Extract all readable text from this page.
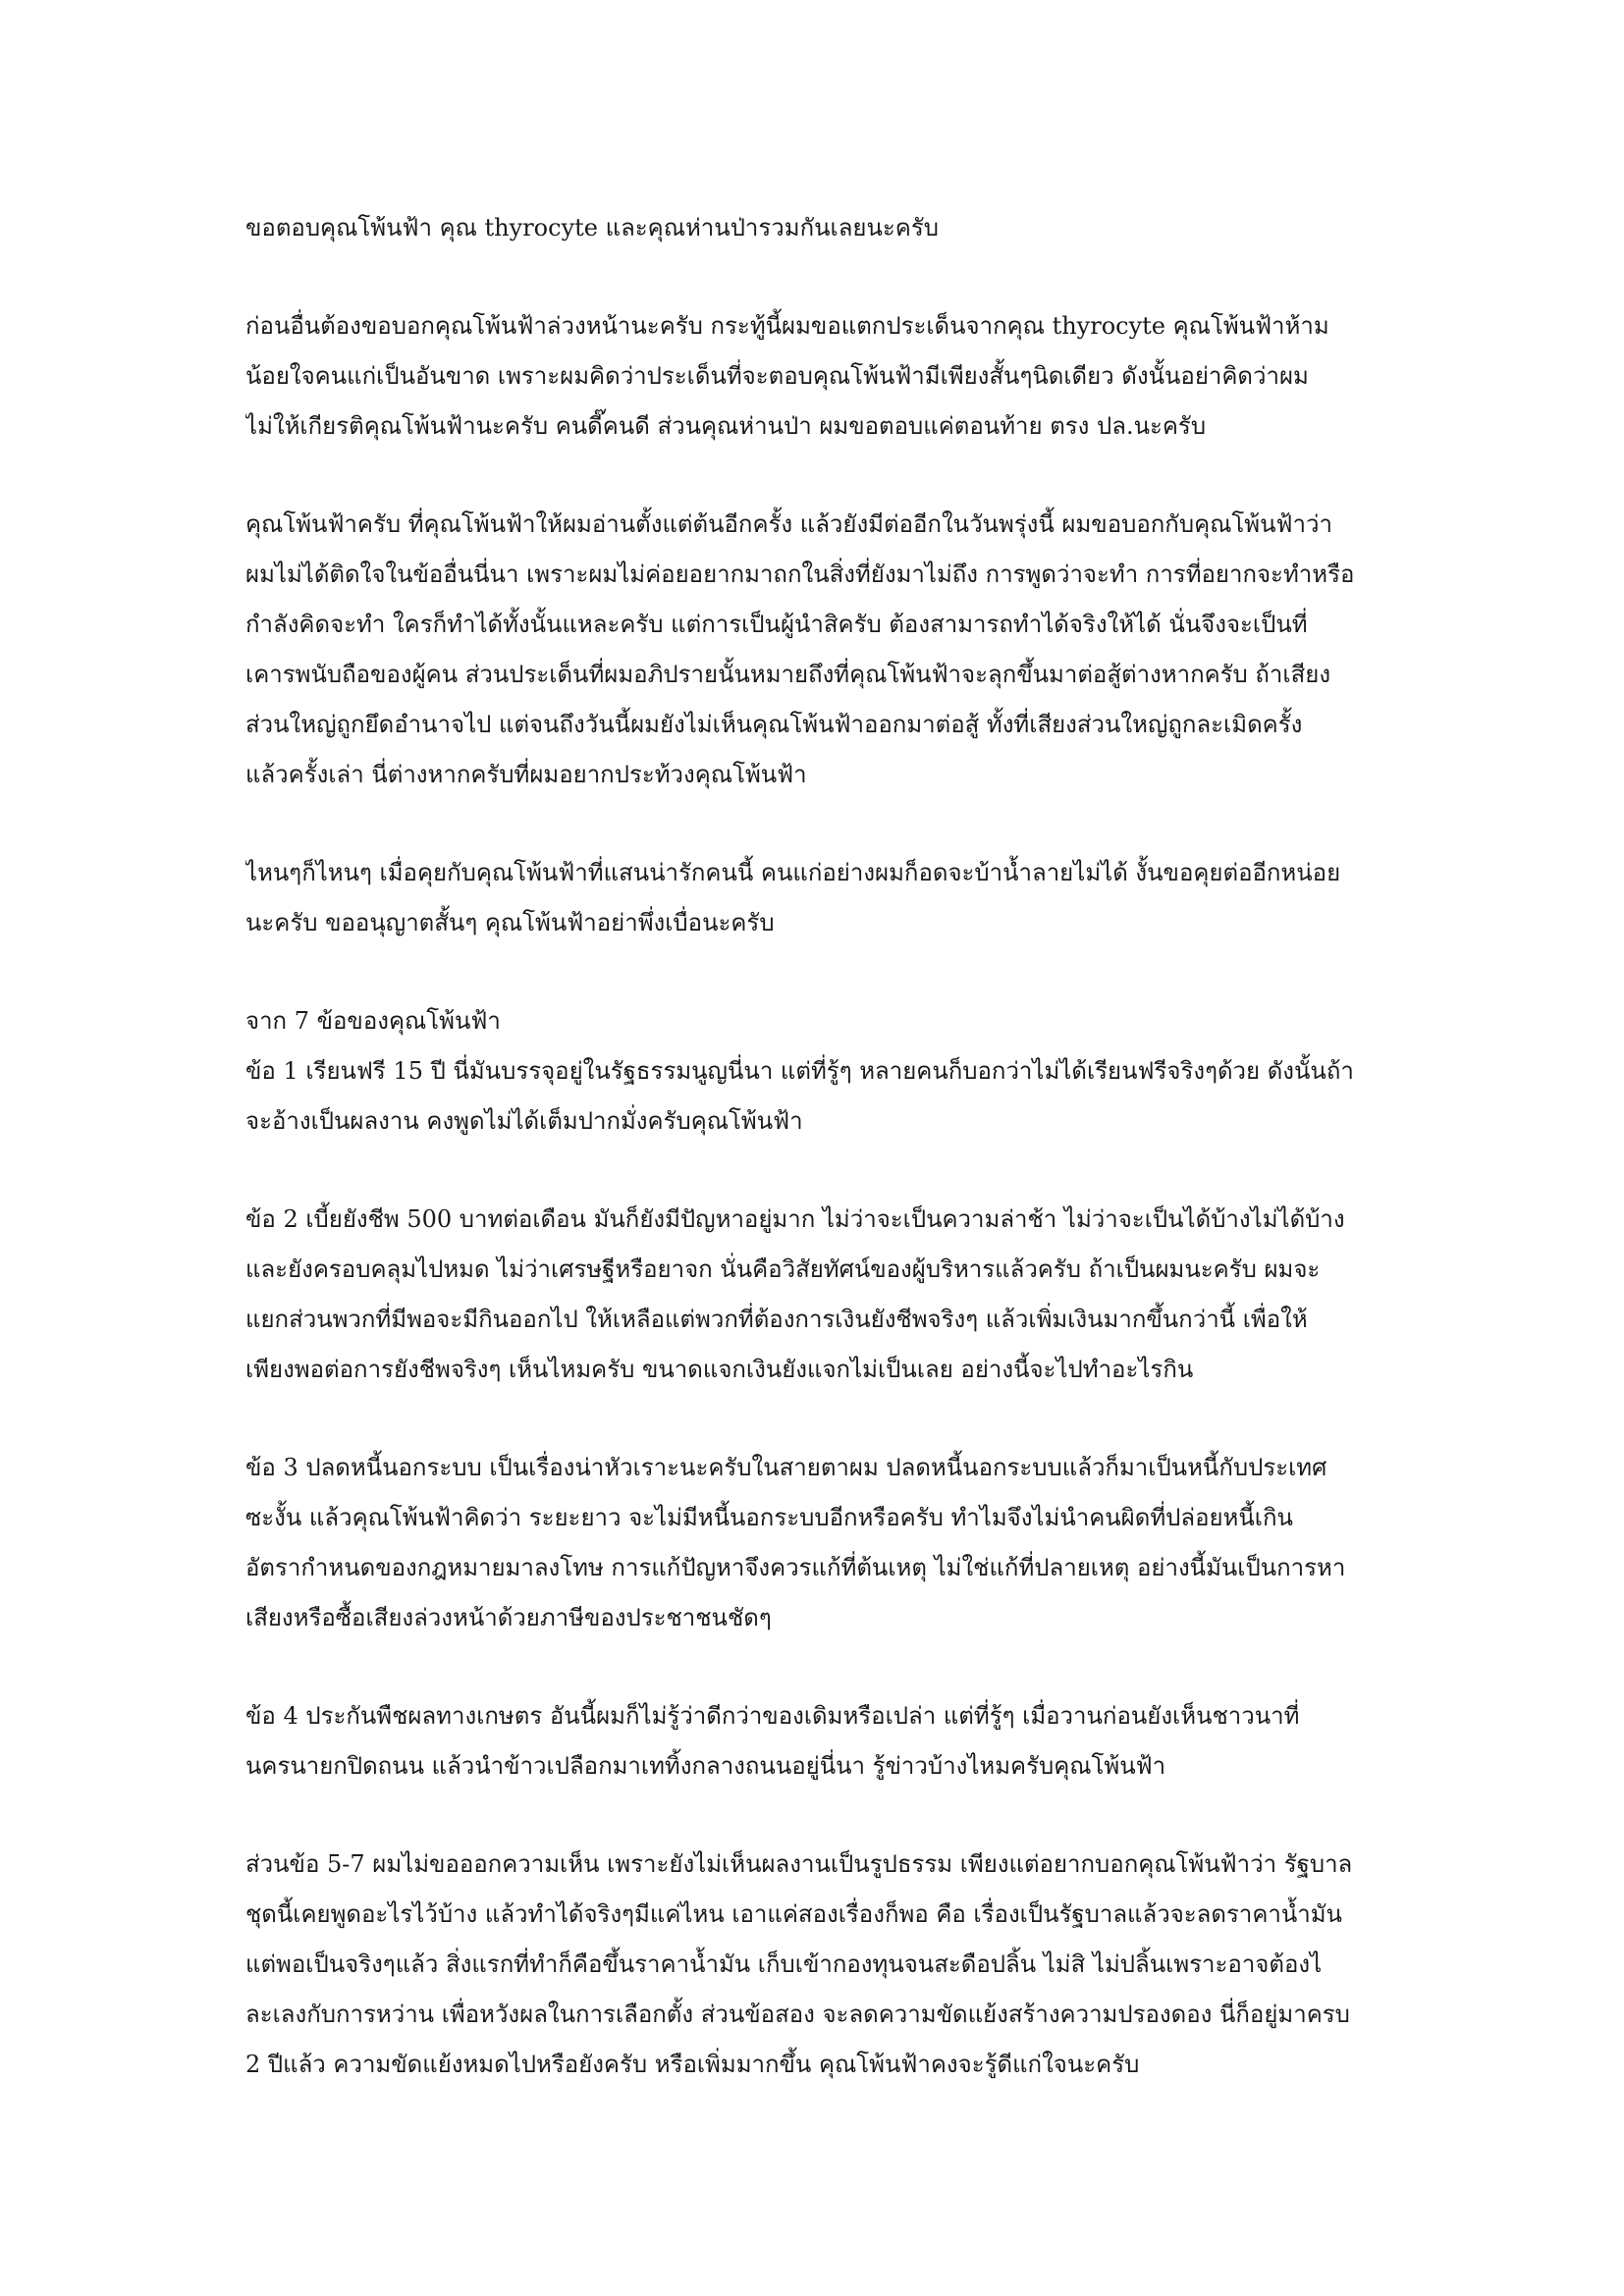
ขอตอบคุณโพ้นฟ้า คุณ thyrocyte และคุณห่านป่ารวมกันเลยนะครับ
ก่อนอื่นต้องขอบอกคุณโพ้นฟ้าล่วงหน้านะครับ กระทู้นี้ผมขอแตกประเด็นจากคุณ thyrocyte คุณโพ้นฟ้าห้าม
น้อยใจคนแก่เป็นอันขาด เพราะผมคิดว่าประเด็นที่จะตอบคุณโพ้นฟ้ามีเพียงสั้นๆนิดเดียว ดังนั้นอย่าคิดว่าผม
ไม่ให้เกียรติคุณโพ้นฟ้านะครับ คนดี๊คนดี ส่วนคุณห่านป่า ผมขอตอบแค่ตอนท้าย ตรง ปล.นะครับ
คุณโพ้นฟ้าครับ ที่คุณโพ้นฟ้าให้ผมอ่านตั้งแต่ต้นอีกครั้ง แล้วยังมีต่ออีกในวันพรุ่งนี้ ผมขอบอกกับคุณโพ้นฟ้าว่า
ผมไม่ได้ติดใจในข้ออื่นนี่นา เพราะผมไม่ค่อยอยากมาถกในสิ่งที่ยังมาไม่ถึง การพูดว่าจะทำ การที่อยากจะทำหรือ
กำลังคิดจะทำ ใครก็ทำได้ทั้งนั้นแหละครับ แต่การเป็นผู้นำสิครับ ต้องสามารถทำได้จริงให้ได้ นั่นจึงจะเป็นที่
เคารพนับถือของผู้คน ส่วนประเด็นที่ผมอภิปรายนั้นหมายถึงที่คุณโพ้นฟ้าจะลุกขึ้นมาต่อสู้ต่างหากครับ ถ้าเสียง
ส่วนใหญ่ถูกยึดอำนาจไป แต่จนถึงวันนี้ผมยังไม่เห็นคุณโพ้นฟ้าออกมาต่อสู้ ทั้งที่เสียงส่วนใหญ่ถูกละเมิดครั้ง
แล้วครั้งเล่า นี่ต่างหากครับที่ผมอยากประท้วงคุณโพ้นฟ้า
ไหนๆก็ไหนๆ เมื่อคุยกับคุณโพ้นฟ้าที่แสนน่ารักคนนี้ คนแก่อย่างผมก็อดจะบ้าน้ำลายไม่ได้ งั้นขอคุยต่ออีกหน่อย
นะครับ ขออนุญาตสั้นๆ คุณโพ้นฟ้าอย่าพึ่งเบื่อนะครับ
จาก 7 ข้อของคุณโพ้นฟ้า
ข้อ 1 เรียนฟรี 15 ปี นี่มันบรรจุอยู่ในรัฐธรรมนูญนี่นา แต่ที่รู้ๆ หลายคนก็บอกว่าไม่ได้เรียนฟรีจริงๆด้วย ดังนั้นถ้า
จะอ้างเป็นผลงาน คงพูดไม่ได้เต็มปากมั่งครับคุณโพ้นฟ้า
ข้อ 2 เบี้ยยังชีพ 500 บาทต่อเดือน มันก็ยังมีปัญหาอยู่มาก ไม่ว่าจะเป็นความล่าช้า ไม่ว่าจะเป็นได้บ้างไม่ได้บ้าง
และยังครอบคลุมไปหมด ไม่ว่าเศรษฐีหรือยาจก นั่นคือวิสัยทัศน์ของผู้บริหารแล้วครับ ถ้าเป็นผมนะครับ ผมจะ
แยกส่วนพวกที่มีพอจะมีกินออกไป ให้เหลือแต่พวกที่ต้องการเงินยังชีพจริงๆ แล้วเพิ่มเงินมากขึ้นกว่านี้ เพื่อให้
เพียงพอต่อการยังชีพจริงๆ เห็นไหมครับ ขนาดแจกเงินยังแจกไม่เป็นเลย อย่างนี้จะไปทำอะไรกิน
ข้อ 3 ปลดหนี้นอกระบบ เป็นเรื่องน่าหัวเราะนะครับในสายตาผม ปลดหนี้นอกระบบแล้วก็มาเป็นหนี้กับประเทศ
ซะงั้น แล้วคุณโพ้นฟ้าคิดว่า ระยะยาว จะไม่มีหนี้นอกระบบอีกหรือครับ ทำไมจึงไม่นำคนผิดที่ปล่อยหนี้เกิน
อัตรากำหนดของกฎหมายมาลงโทษ การแก้ปัญหาจึงควรแก้ที่ต้นเหตุ ไม่ใช่แก้ที่ปลายเหตุ อย่างนี้มันเป็นการหา
เสียงหรือซื้อเสียงล่วงหน้าด้วยภาษีของประชาชนชัดๆ
ข้อ 4 ประกันพืชผลทางเกษตร อันนี้ผมก็ไม่รู้ว่าดีกว่าของเดิมหรือเปล่า แต่ที่รู้ๆ เมื่อวานก่อนยังเห็นชาวนาที่
นครนายกปิดถนน แล้วนำข้าวเปลือกมาเททิ้งกลางถนนอยู่นี่นา รู้ข่าวบ้างไหมครับคุณโพ้นฟ้า
ส่วนข้อ 5-7 ผมไม่ขอออกความเห็น เพราะยังไม่เห็นผลงานเป็นรูปธรรม เพียงแต่อยากบอกคุณโพ้นฟ้าว่า รัฐบาล
ชุดนี้เคยพูดอะไรไว้บ้าง แล้วทำได้จริงๆมีแค่ไหน เอาแค่สองเรื่องก็พอ คือ เรื่องเป็นรัฐบาลแล้วจะลดราคาน้ำมัน
แต่พอเป็นจริงๆแล้ว สิ่งแรกที่ทำก็คือขึ้นราคาน้ำมัน เก็บเข้ากองทุนจนสะดือปลิ้น ไม่สิ ไม่ปลิ้นเพราะอาจต้องไ
ละเลงกับการหว่าน เพื่อหวังผลในการเลือกตั้ง ส่วนข้อสอง จะลดความขัดแย้งสร้างความปรองดอง นี่ก็อยู่มาครบ
2 ปีแล้ว ความขัดแย้งหมดไปหรือยังครับ หรือเพิ่มมากขึ้น คุณโพ้นฟ้าคงจะรู้ดีแก่ใจนะครับ
